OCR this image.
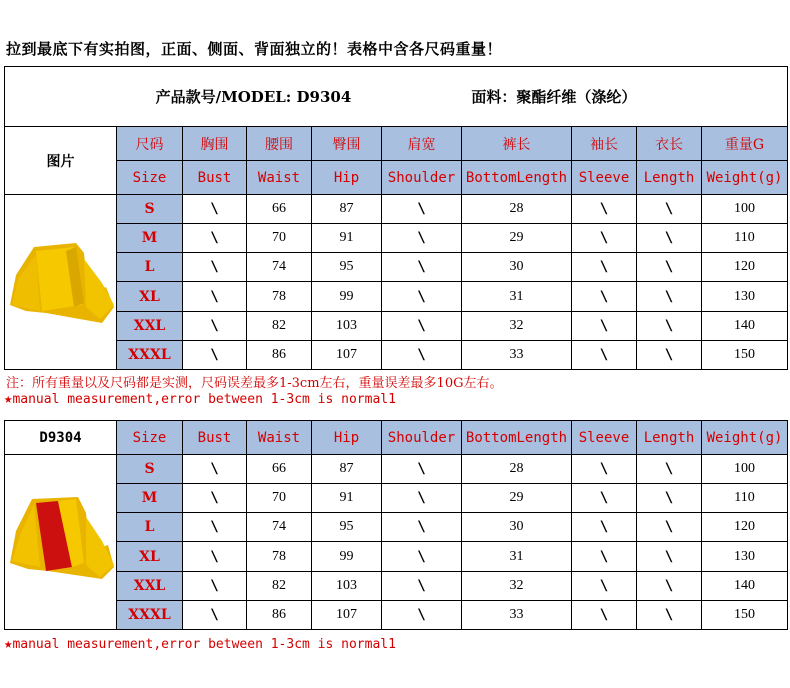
拉到最底下有实拍图，正面、侧面、背面独立的！表格中含各尺码重量！
产品款号/MODEL: D9304 面料：聚酯纤维（涤纶）									

图片	尺码	胸围	腰围	臀围	肩宽	裤长	袖长	衣长	重量G
	Size	Bust	Waist	Hip	Shoulder	BottomLength	Sleeve	Length	Weight(g)
	S	\	66	87	\	28	\	\	100
	M	\	70	91	\	29	\	\	110
	L	\	74	95	\	30	\	\	120
	XL	\	78	99	\	31	\	\	130
	XXL	\	82	103	\	32	\	\	140
	XXXL	\	86	107	\	33	\	\	150
注：所有重量以及尺码都是实测，尺码误差最多1-3cm左右，重量误差最多10G左右。
★manual measurement,error between 1-3cm is normal1
D9304	Size	Bust	Waist	Hip	Shoulder	BottomLength	Sleeve	Length	Weight(g)
	S	\	66	87	\	28	\	\	100
	M	\	70	91	\	29	\	\	110
	L	\	74	95	\	30	\	\	120
	XL	\	78	99	\	31	\	\	130
	XXL	\	82	103	\	32	\	\	140
	XXXL	\	86	107	\	33	\	\	150
★manual measurement,error between 1-3cm is normal1
